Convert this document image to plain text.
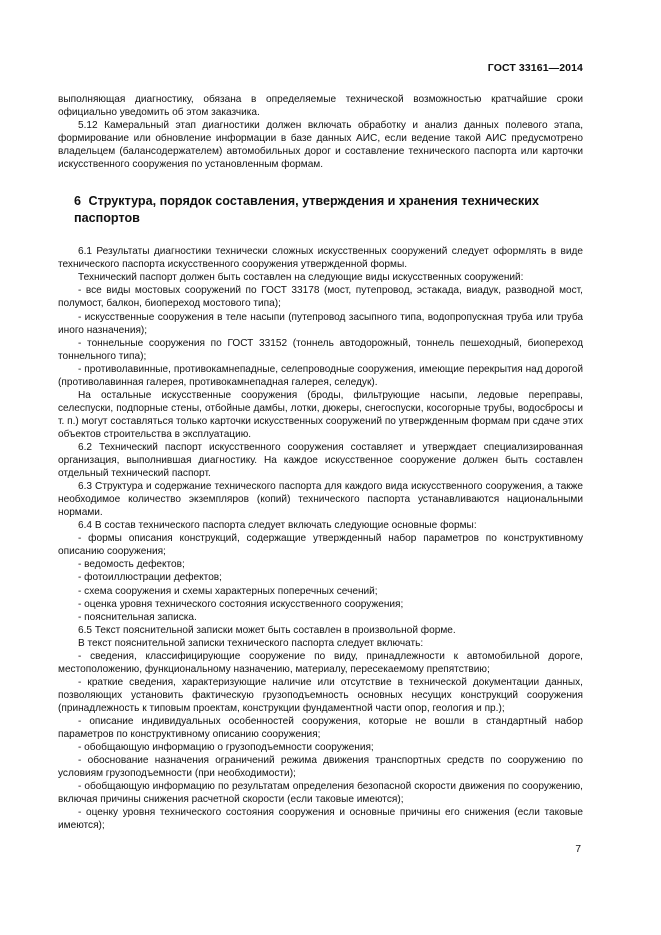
ГОСТ 33161—2014

выполняющая диагностику, обязана в определяемые технической возможностью кратчайшие сроки официально уведомить об этом заказчика.

5.12 Камеральный этап диагностики должен включать обработку и анализ данных полевого этапа, формирование или обновление информации в базе данных АИС, если ведение такой АИС предусмотрено владельцем (балансодержателем) автомобильных дорог и составление технического паспорта или карточки искусственного сооружения по установленным формам.

6 Структура, порядок составления, утверждения и хранения технических паспортов

6.1 Результаты диагностики технически сложных искусственных сооружений следует оформлять в виде технического паспорта искусственного сооружения утвержденной формы.

Технический паспорт должен быть составлен на следующие виды искусственных сооружений:

- все виды мостовых сооружений по ГОСТ 33178 (мост, путепровод, эстакада, виадук, разводной мост, полумост, балкон, биопереход мостового типа);

- искусственные сооружения в теле насыпи (путепровод засыпного типа, водопропускная труба или труба иного назначения);

- тоннельные сооружения по ГОСТ 33152 (тоннель автодорожный, тоннель пешеходный, биопереход тоннельного типа);

- противолавинные, противокамнепадные, селепроводные сооружения, имеющие перекрытия над дорогой (противолавинная галерея, противокамнепадная галерея, селедук).

На остальные искусственные сооружения (броды, фильтрующие насыпи, ледовые переправы, селеспуски, подпорные стены, отбойные дамбы, лотки, дюкеры, снегоспуски, косогорные трубы, водосбросы и т. п.) могут составляться только карточки искусственных сооружений по утвержденным формам при сдаче этих объектов строительства в эксплуатацию.

6.2 Технический паспорт искусственного сооружения составляет и утверждает специализированная организация, выполнившая диагностику. На каждое искусственное сооружение должен быть составлен отдельный технический паспорт.

6.3 Структура и содержание технического паспорта для каждого вида искусственного сооружения, а также необходимое количество экземпляров (копий) технического паспорта устанавливаются национальными нормами.

6.4 В состав технического паспорта следует включать следующие основные формы:

- формы описания конструкций, содержащие утвержденный набор параметров по конструктивному описанию сооружения;

- ведомость дефектов;

- фотоиллюстрации дефектов;

- схема сооружения и схемы характерных поперечных сечений;

- оценка уровня технического состояния искусственного сооружения;

- пояснительная записка.

6.5 Текст пояснительной записки может быть составлен в произвольной форме.

В текст пояснительной записки технического паспорта следует включать:

- сведения, классифицирующие сооружение по виду, принадлежности к автомобильной дороге, местоположению, функциональному назначению, материалу, пересекаемому препятствию;

- краткие сведения, характеризующие наличие или отсутствие в технической документации данных, позволяющих установить фактическую грузоподъемность основных несущих конструкций сооружения (принадлежность к типовым проектам, конструкции фундаментной части опор, геология и пр.);

- описание индивидуальных особенностей сооружения, которые не вошли в стандартный набор параметров по конструктивному описанию сооружения;

- обобщающую информацию о грузоподъемности сооружения;

- обоснование назначения ограничений режима движения транспортных средств по сооружению по условиям грузоподъемности (при необходимости);

- обобщающую информацию по результатам определения безопасной скорости движения по сооружению, включая причины снижения расчетной скорости (если таковые имеются);

- оценку уровня технического состояния сооружения и основные причины его снижения (если таковые имеются);

7
